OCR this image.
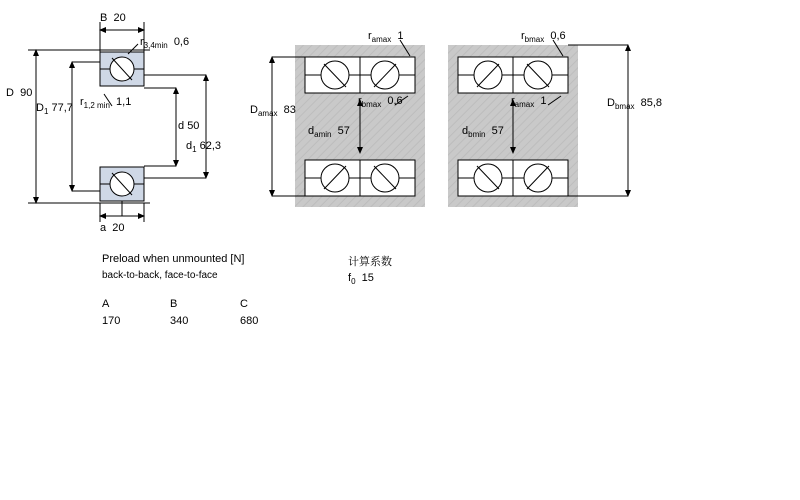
B 20
$r_{3,4min}$ 0,6
D 90
$D_1$ 77,7 $r_{1,2 min}$ 1,1
d 50
$d_1$ 62,3
a 20
$r_{amax}$ 1	$r_{bmax}$ 0,6
$D_{amax}$ 83
$r_{bmax}$ 0,6	$r_{amax}$ 1	$D_{bmax}$ 85,8
$d_{amin}$ 57	$d_{bmin}$ 57
Preload when unmounted [N]
back-to-back, face-to-face
A	B	C
170	340	680
计算系数
$f_0$ 15
